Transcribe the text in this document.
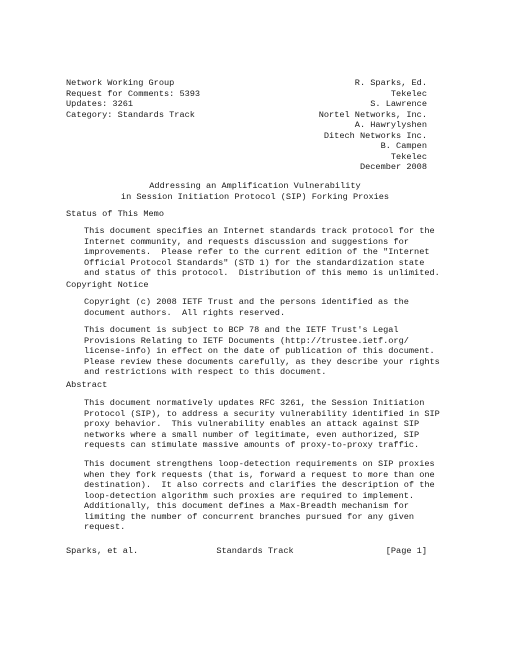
Network Working Group
Request for Comments: 5393
Updates: 3261
Category: Standards Track
R. Sparks, Ed.
Tekelec
S. Lawrence
Nortel Networks, Inc.
A. Hawrylyshen
Ditech Networks Inc.
B. Campen
Tekelec
December 2008
Addressing an Amplification Vulnerability
in Session Initiation Protocol (SIP) Forking Proxies
Status of This Memo
This document specifies an Internet standards track protocol for the
Internet community, and requests discussion and suggestions for
improvements.  Please refer to the current edition of the "Internet
Official Protocol Standards" (STD 1) for the standardization state
and status of this protocol.  Distribution of this memo is unlimited.
Copyright Notice
Copyright (c) 2008 IETF Trust and the persons identified as the
document authors.  All rights reserved.
This document is subject to BCP 78 and the IETF Trust's Legal
Provisions Relating to IETF Documents (http://trustee.ietf.org/
license-info) in effect on the date of publication of this document.
Please review these documents carefully, as they describe your rights
and restrictions with respect to this document.
Abstract
This document normatively updates RFC 3261, the Session Initiation
Protocol (SIP), to address a security vulnerability identified in SIP
proxy behavior.  This vulnerability enables an attack against SIP
networks where a small number of legitimate, even authorized, SIP
requests can stimulate massive amounts of proxy-to-proxy traffic.
This document strengthens loop-detection requirements on SIP proxies
when they fork requests (that is, forward a request to more than one
destination).  It also corrects and clarifies the description of the
loop-detection algorithm such proxies are required to implement.
Additionally, this document defines a Max-Breadth mechanism for
limiting the number of concurrent branches pursued for any given
request.
Sparks, et al.	Standards Track	[Page 1]
